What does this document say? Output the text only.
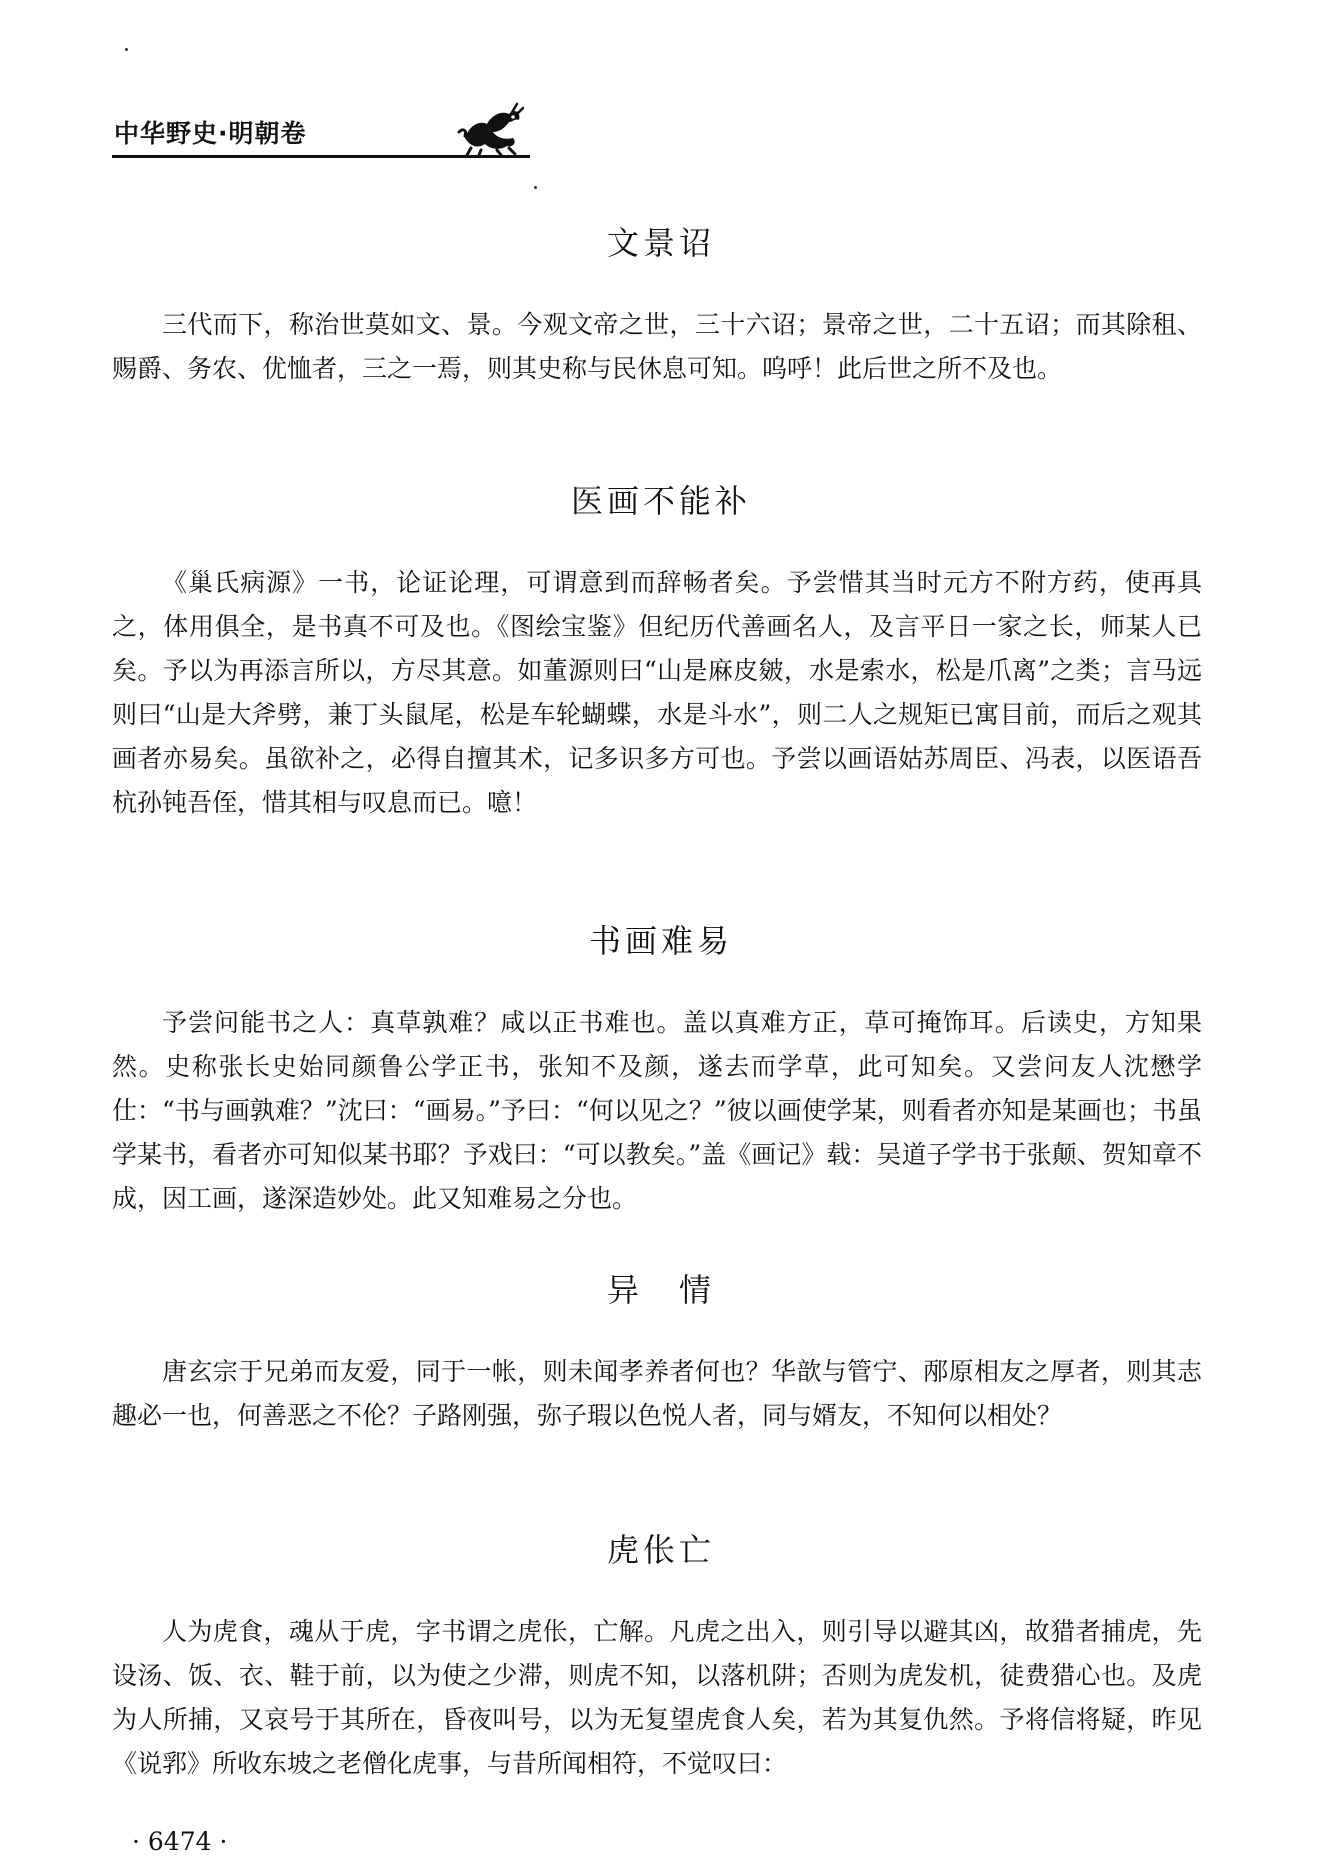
中华野史·明朝卷
文景诏

三代而下，称治世莫如文、景。今观文帝之世，三十六诏；景帝之世，二十五诏；而其除租、赐爵、务农、优恤者，三之一焉，则其史称与民休息可知。呜呼！此后世之所不及也。

医画不能补

《巢氏病源》一书，论证论理，可谓意到而辞畅者矣。予尝惜其当时元方不附方药，使再具之，体用俱全，是书真不可及也。《图绘宝鉴》但纪历代善画名人，及言平日一家之长，师某人已矣。予以为再添言所以，方尽其意。如董源则曰“山是麻皮皴，水是索水，松是爪离”之类；言马远则曰“山是大斧劈，兼丁头鼠尾，松是车轮蝴蝶，水是斗水”，则二人之规矩已寓目前，而后之观其画者亦易矣。虽欲补之，必得自擅其术，记多识多方可也。予尝以画语姑苏周臣、冯表，以医语吾杭孙钝吾侄，惜其相与叹息而已。噫！

书画难易

予尝问能书之人：真草孰难？咸以正书难也。盖以真难方正，草可掩饰耳。后读史，方知果然。史称张长史始同颜鲁公学正书，张知不及颜，遂去而学草，此可知矣。又尝问友人沈懋学仕：“书与画孰难？”沈曰：“画易。”予曰：“何以见之？”彼以画使学某，则看者亦知是某画也；书虽学某书，看者亦可知似某书耶？予戏曰：“可以教矣。”盖《画记》载：吴道子学书于张颠、贺知章不成，因工画，遂深造妙处。此又知难易之分也。

异　情

唐玄宗于兄弟而友爱，同于一帐，则未闻孝养者何也？华歆与管宁、邴原相友之厚者，则其志趣必一也，何善恶之不伦？子路刚强，弥子瑕以色悦人者，同与婿友，不知何以相处？

虎伥亡

人为虎食，魂从于虎，字书谓之虎伥，亡解。凡虎之出入，则引导以避其凶，故猎者捕虎，先设汤、饭、衣、鞋于前，以为使之少滞，则虎不知，以落机阱；否则为虎发机，徒费猎心也。及虎为人所捕，又哀号于其所在，昏夜叫号，以为无复望虎食人矣，若为其复仇然。予将信将疑，昨见《说郛》所收东坡之老僧化虎事，与昔所闻相符，不觉叹曰：

· 6474 ·
